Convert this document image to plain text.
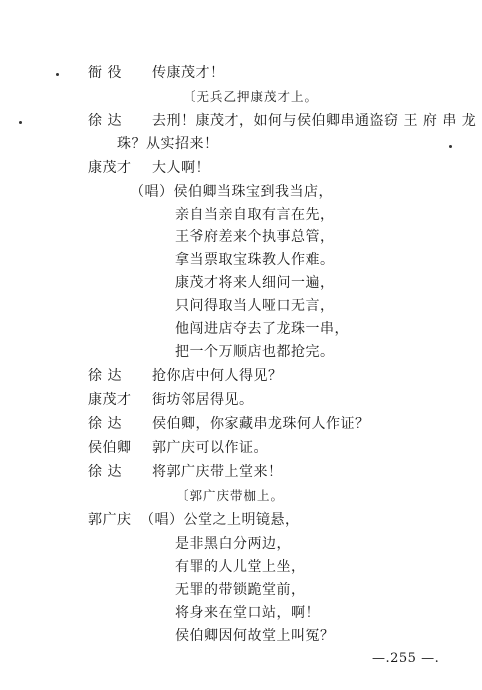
衙 役	传康茂才！
〔无兵乙押康茂才上。
徐 达	去刑！康茂才，如何与侯伯卿串通盗窃 王 府 串 龙
珠？从实招来！
康茂才	大人啊！
（唱）侯伯卿当珠宝到我当店，
亲自当亲自取有言在先，
王爷府差来个执事总管，
拿当票取宝珠教人作难。
康茂才将来人细问一遍，
只问得取当人哑口无言，
他闯进店夺去了龙珠一串，
把一个万顺店也都抢完。
徐 达	抢你店中何人得见？
康茂才	街坊邻居得见。
徐 达	侯伯卿，你家藏串龙珠何人作证？
侯伯卿	郭广庆可以作证。
徐 达	将郭广庆带上堂来！
〔郭广庆带枷上。
郭广庆 （唱）公堂之上明镜悬，
是非黑白分两边，
有罪的人儿堂上坐，
无罪的带锁跪堂前，
将身来在堂口站，啊！
侯伯卿因何故堂上叫冤？
—.255 —.
